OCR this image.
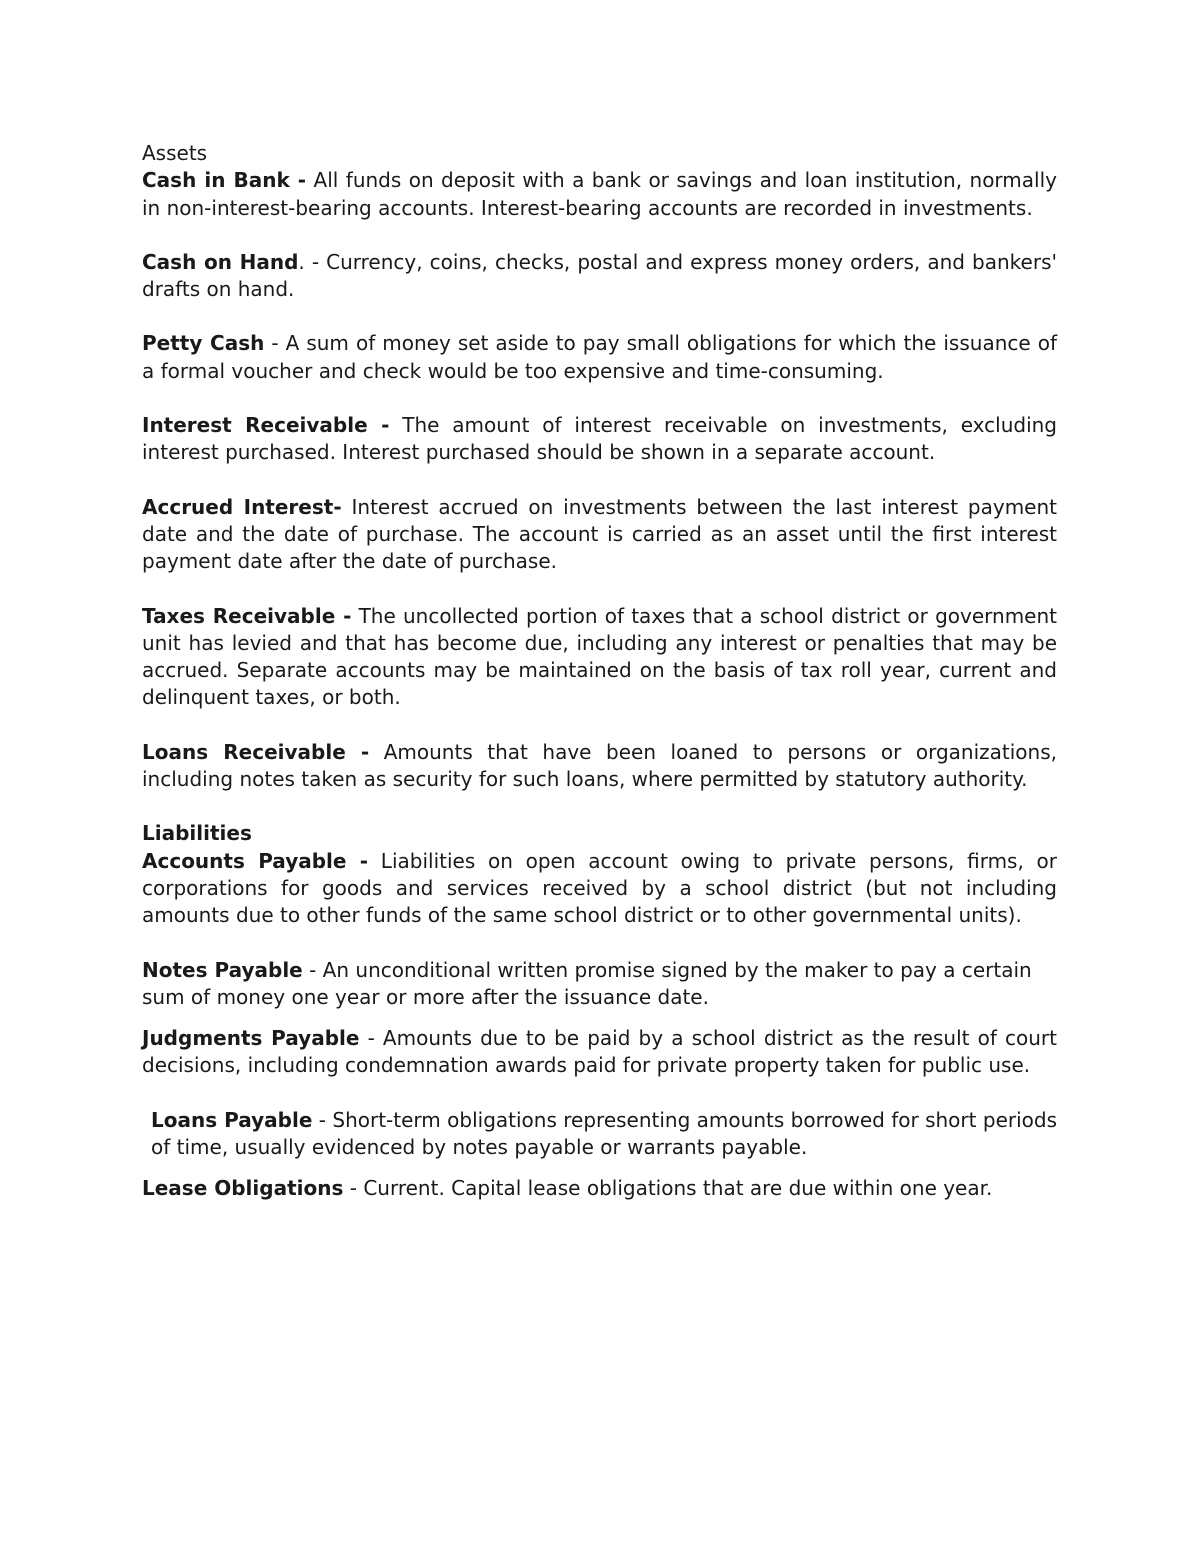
Assets

Cash in Bank - All funds on deposit with a bank or savings and loan institution, normally in non-interest-bearing accounts. Interest-bearing accounts are recorded in investments.

Cash on Hand. - Currency, coins, checks, postal and express money orders, and bankers' drafts on hand.

Petty Cash - A sum of money set aside to pay small obligations for which the issuance of a formal voucher and check would be too expensive and time-consuming.

Interest Receivable - The amount of interest receivable on investments, excluding interest purchased. Interest purchased should be shown in a separate account.

Accrued Interest- Interest accrued on investments between the last interest payment date and the date of purchase. The account is carried as an asset until the first interest payment date after the date of purchase.

Taxes Receivable - The uncollected portion of taxes that a school district or government unit has levied and that has become due, including any interest or penalties that may be accrued. Separate accounts may be maintained on the basis of tax roll year, current and delinquent taxes, or both.

Loans Receivable - Amounts that have been loaned to persons or organizations, including notes taken as security for such loans, where permitted by statutory authority.

Liabilities

Accounts Payable - Liabilities on open account owing to private persons, firms, or corporations for goods and services received by a school district (but not including amounts due to other funds of the same school district or to other governmental units).

Notes Payable - An unconditional written promise signed by the maker to pay a certain sum of money one year or more after the issuance date.

Judgments Payable - Amounts due to be paid by a school district as the result of court decisions, including condemnation awards paid for private property taken for public use.

Loans Payable - Short-term obligations representing amounts borrowed for short periods of time, usually evidenced by notes payable or warrants payable.

Lease Obligations - Current. Capital lease obligations that are due within one year.
